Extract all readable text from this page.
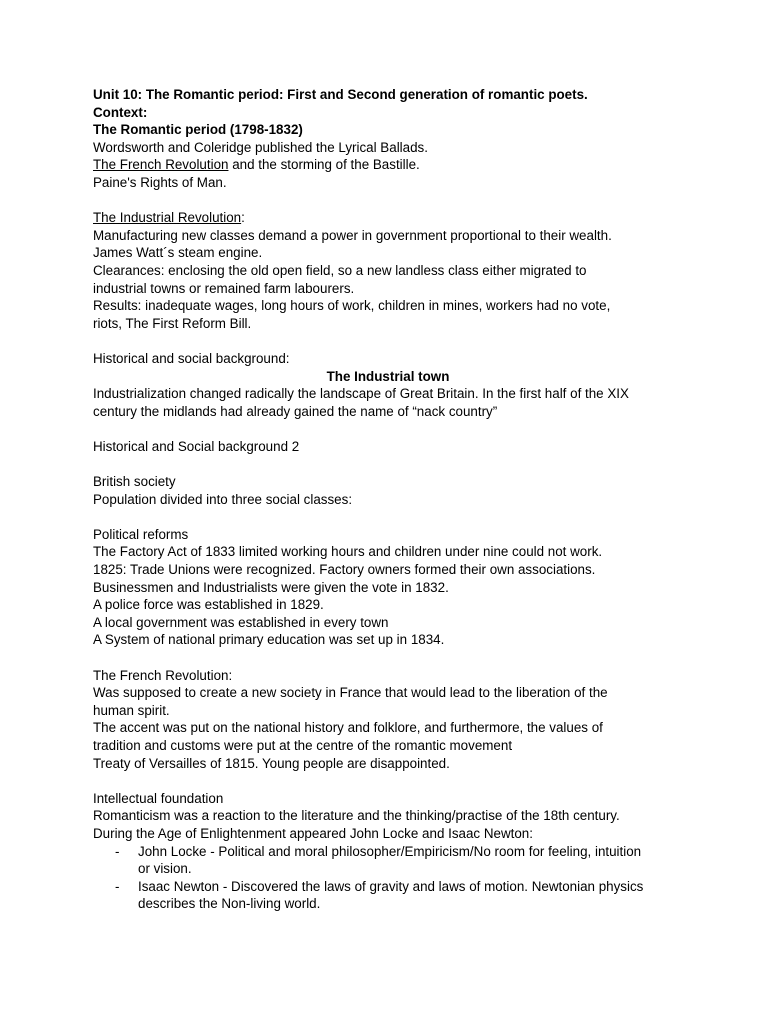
Unit 10: The Romantic period: First and Second generation of romantic poets.
Context:
The Romantic period (1798-1832)
Wordsworth and Coleridge published the Lyrical Ballads.
The French Revolution and the storming of the Bastille.
Paine's Rights of Man.
The Industrial Revolution:
Manufacturing new classes demand a power in government proportional to their wealth.
James Watt´s steam engine.
Clearances: enclosing the old open field, so a new landless class either migrated to
industrial towns or remained farm labourers.
Results: inadequate wages, long hours of work, children in mines, workers had no vote,
riots, The First Reform Bill.
Historical and social background:
The Industrial town
Industrialization changed radically the landscape of Great Britain. In the first half of the XIX
century the midlands had already gained the name of “nack country”
Historical and Social background 2
British society
Population divided into three social classes:
Political reforms
The Factory Act of 1833 limited working hours and children under nine could not work.
1825: Trade Unions were recognized. Factory owners formed their own associations.
Businessmen and Industrialists were given the vote in 1832.
A police force was established in 1829.
A local government was established in every town
A System of national primary education was set up in 1834.
The French Revolution:
Was supposed to create a new society in France that would lead to the liberation of the
human spirit.
The accent was put on the national history and folklore, and furthermore, the values of
tradition and customs were put at the centre of the romantic movement
Treaty of Versailles of 1815. Young people are disappointed.
Intellectual foundation
Romanticism was a reaction to the literature and the thinking/practise of the 18th century.
During the Age of Enlightenment appeared John Locke and Isaac Newton:
-	John Locke - Political and moral philosopher/Empiricism/No room for feeling, intuition
or vision.
-	Isaac Newton - Discovered the laws of gravity and laws of motion. Newtonian physics
describes the Non-living world.
